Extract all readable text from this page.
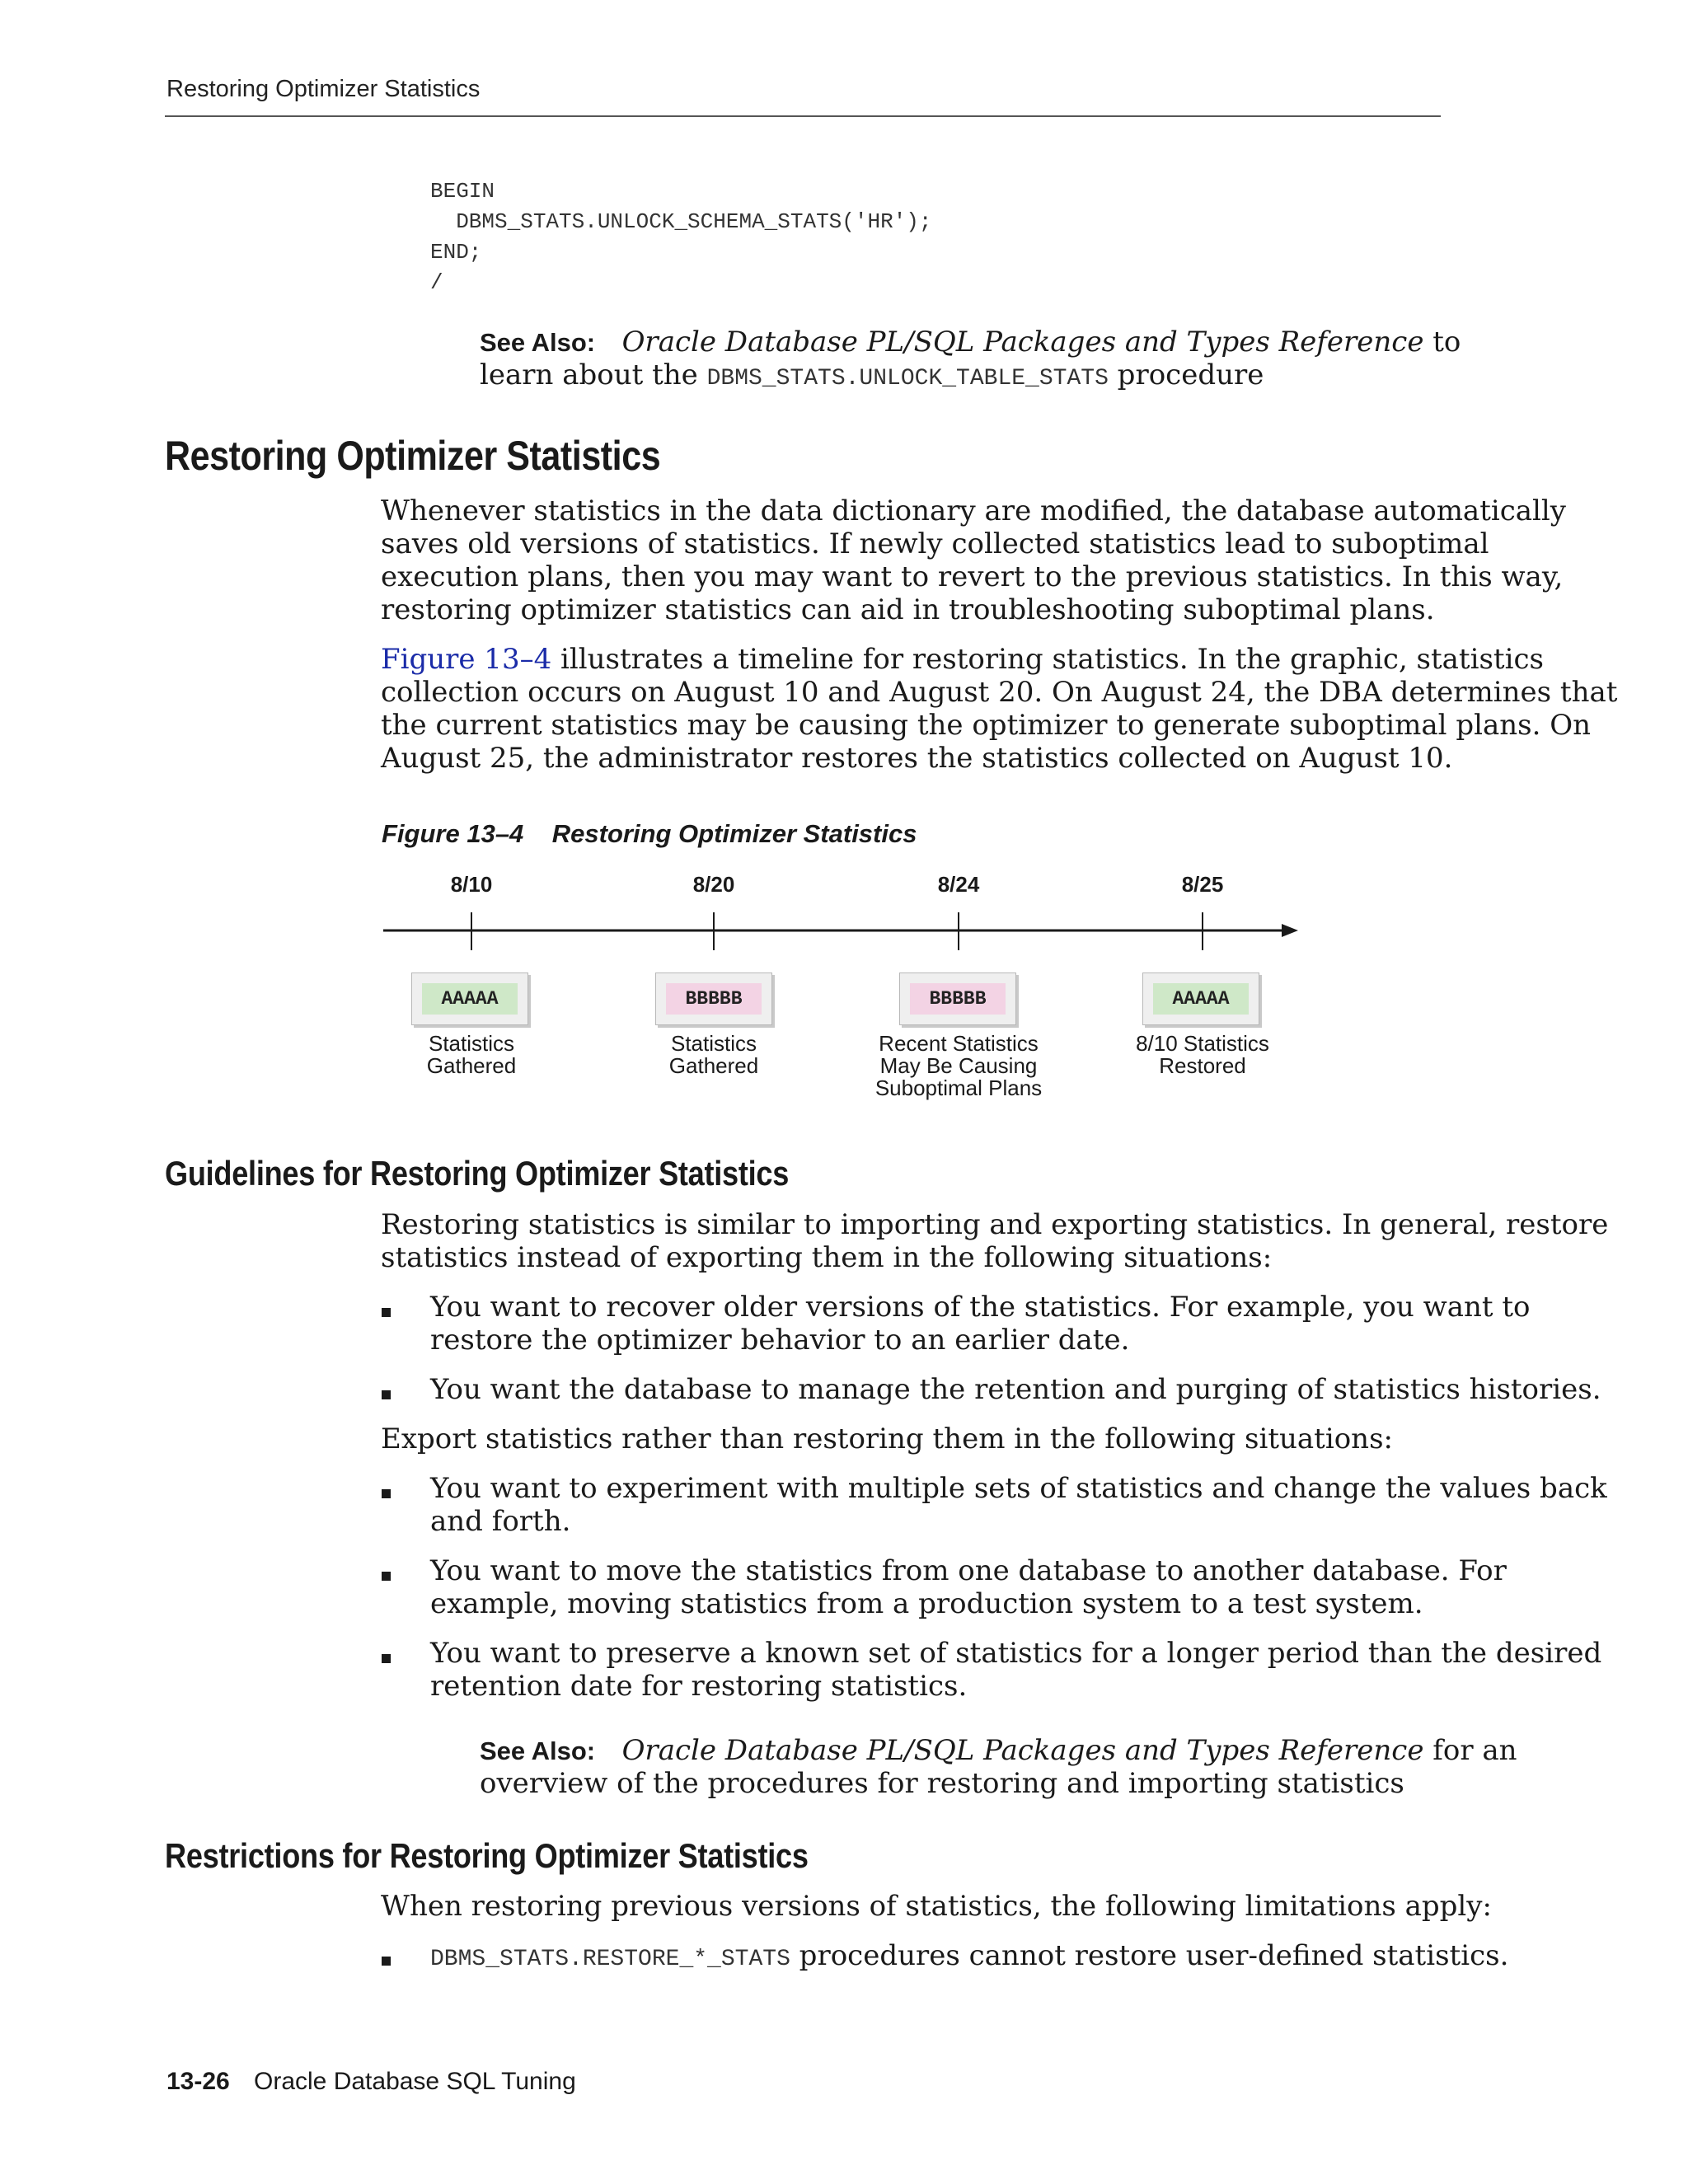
Restoring Optimizer Statistics
BEGIN
DBMS_STATS.UNLOCK_SCHEMA_STATS('HR');
END;
/
See Also: Oracle Database PL/SQL Packages and Types Reference to
learn about the DBMS_STATS.UNLOCK_TABLE_STATS procedure
Restoring Optimizer Statistics
Whenever statistics in the data dictionary are modified, the database automatically
saves old versions of statistics. If newly collected statistics lead to suboptimal
execution plans, then you may want to revert to the previous statistics. In this way,
restoring optimizer statistics can aid in troubleshooting suboptimal plans.
Figure 13–4 illustrates a timeline for restoring statistics. In the graphic, statistics
collection occurs on August 10 and August 20. On August 24, the DBA determines that
the current statistics may be causing the optimizer to generate suboptimal plans. On
August 25, the administrator restores the statistics collected on August 10.
Figure 13–4 Restoring Optimizer Statistics
8/10
AAAAA
Statistics
Gathered
8/20
BBBBB
Statistics
Gathered
8/24
BBBBB
Recent Statistics
May Be Causing
Suboptimal Plans
8/25
AAAAA
8/10 Statistics
Restored
Guidelines for Restoring Optimizer Statistics
Restoring statistics is similar to importing and exporting statistics. In general, restore
statistics instead of exporting them in the following situations:
You want to recover older versions of the statistics. For example, you want to
restore the optimizer behavior to an earlier date.
You want the database to manage the retention and purging of statistics histories.
Export statistics rather than restoring them in the following situations:
You want to experiment with multiple sets of statistics and change the values back
and forth.
You want to move the statistics from one database to another database. For
example, moving statistics from a production system to a test system.
You want to preserve a known set of statistics for a longer period than the desired
retention date for restoring statistics.
See Also: Oracle Database PL/SQL Packages and Types Reference for an
overview of the procedures for restoring and importing statistics
Restrictions for Restoring Optimizer Statistics
When restoring previous versions of statistics, the following limitations apply:
DBMS_STATS.RESTORE_*_STATS procedures cannot restore user-defined statistics.
13-26 Oracle Database SQL Tuning
